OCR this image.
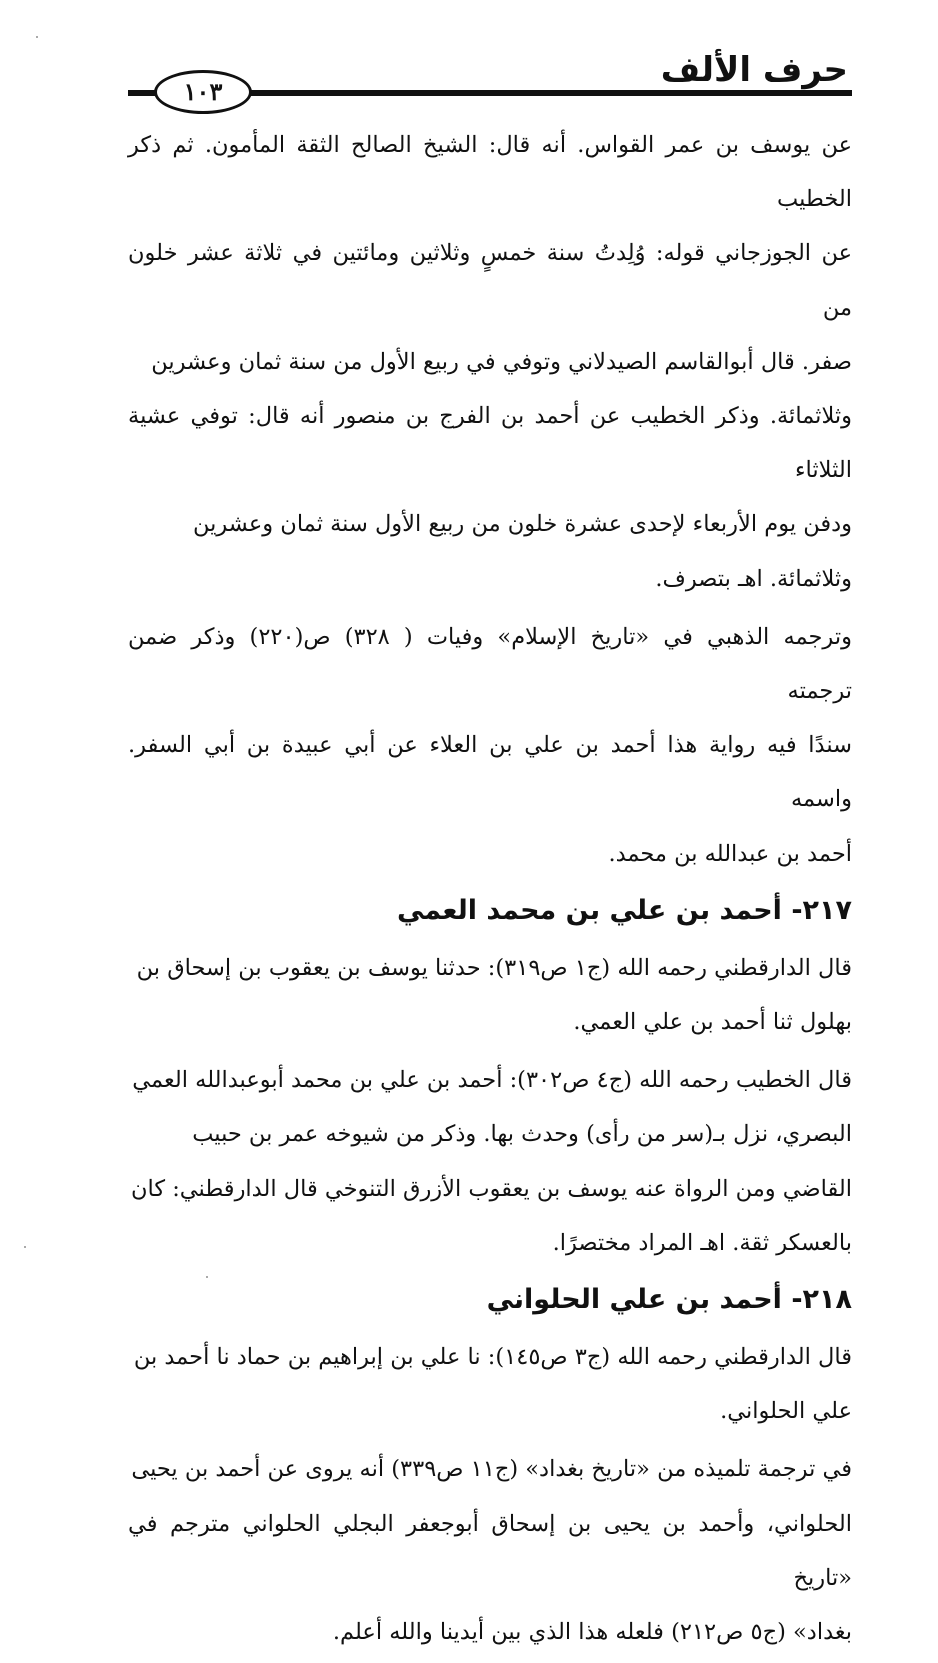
حرف الألف
١٠٣

عن يوسف بن عمر القواس. أنه قال: الشيخ الصالح الثقة المأمون. ثم ذكر الخطيب
عن الجوزجاني قوله: وُلِدتُ سنة خمسٍ وثلاثين ومائتين في ثلاثة عشر خلون من
صفر. قال أبوالقاسم الصيدلاني وتوفي في ربيع الأول من سنة ثمان وعشرين
وثلاثمائة. وذكر الخطيب عن أحمد بن الفرج بن منصور أنه قال: توفي عشية الثلاثاء
ودفن يوم الأربعاء لإحدى عشرة خلون من ربيع الأول سنة ثمان وعشرين
وثلاثمائة. اهـ بتصرف.

وترجمه الذهبي في «تاريخ الإسلام» وفيات ( ٣٢٨) ص(٢٢٠) وذكر ضمن ترجمته
سندًا فيه رواية هذا أحمد بن علي بن العلاء عن أبي عبيدة بن أبي السفر. واسمه
أحمد بن عبدالله بن محمد.

٢١٧- أحمد بن علي بن محمد العمي

قال الدارقطني رحمه الله (ج١ ص٣١٩): حدثنا يوسف بن يعقوب بن إسحاق بن
بهلول ثنا أحمد بن علي العمي.

قال الخطيب رحمه الله (ج٤ ص٣٠٢): أحمد بن علي بن محمد أبوعبدالله العمي
البصري، نزل بـ(سر من رأى) وحدث بها. وذكر من شيوخه عمر بن حبيب
القاضي ومن الرواة عنه يوسف بن يعقوب الأزرق التنوخي قال الدارقطني: كان
بالعسكر ثقة. اهـ المراد مختصرًا.

٢١٨- أحمد بن علي الحلواني

قال الدارقطني رحمه الله (ج٣ ص١٤٥): نا علي بن إبراهيم بن حماد نا أحمد بن
علي الحلواني.

في ترجمة تلميذه من «تاريخ بغداد» (ج١١ ص٣٣٩) أنه يروى عن أحمد بن يحيى
الحلواني، وأحمد بن يحيى بن إسحاق أبوجعفر البجلي الحلواني مترجم في «تاريخ
بغداد» (ج٥ ص٢١٢) فلعله هذا الذي بين أيدينا والله أعلم.
